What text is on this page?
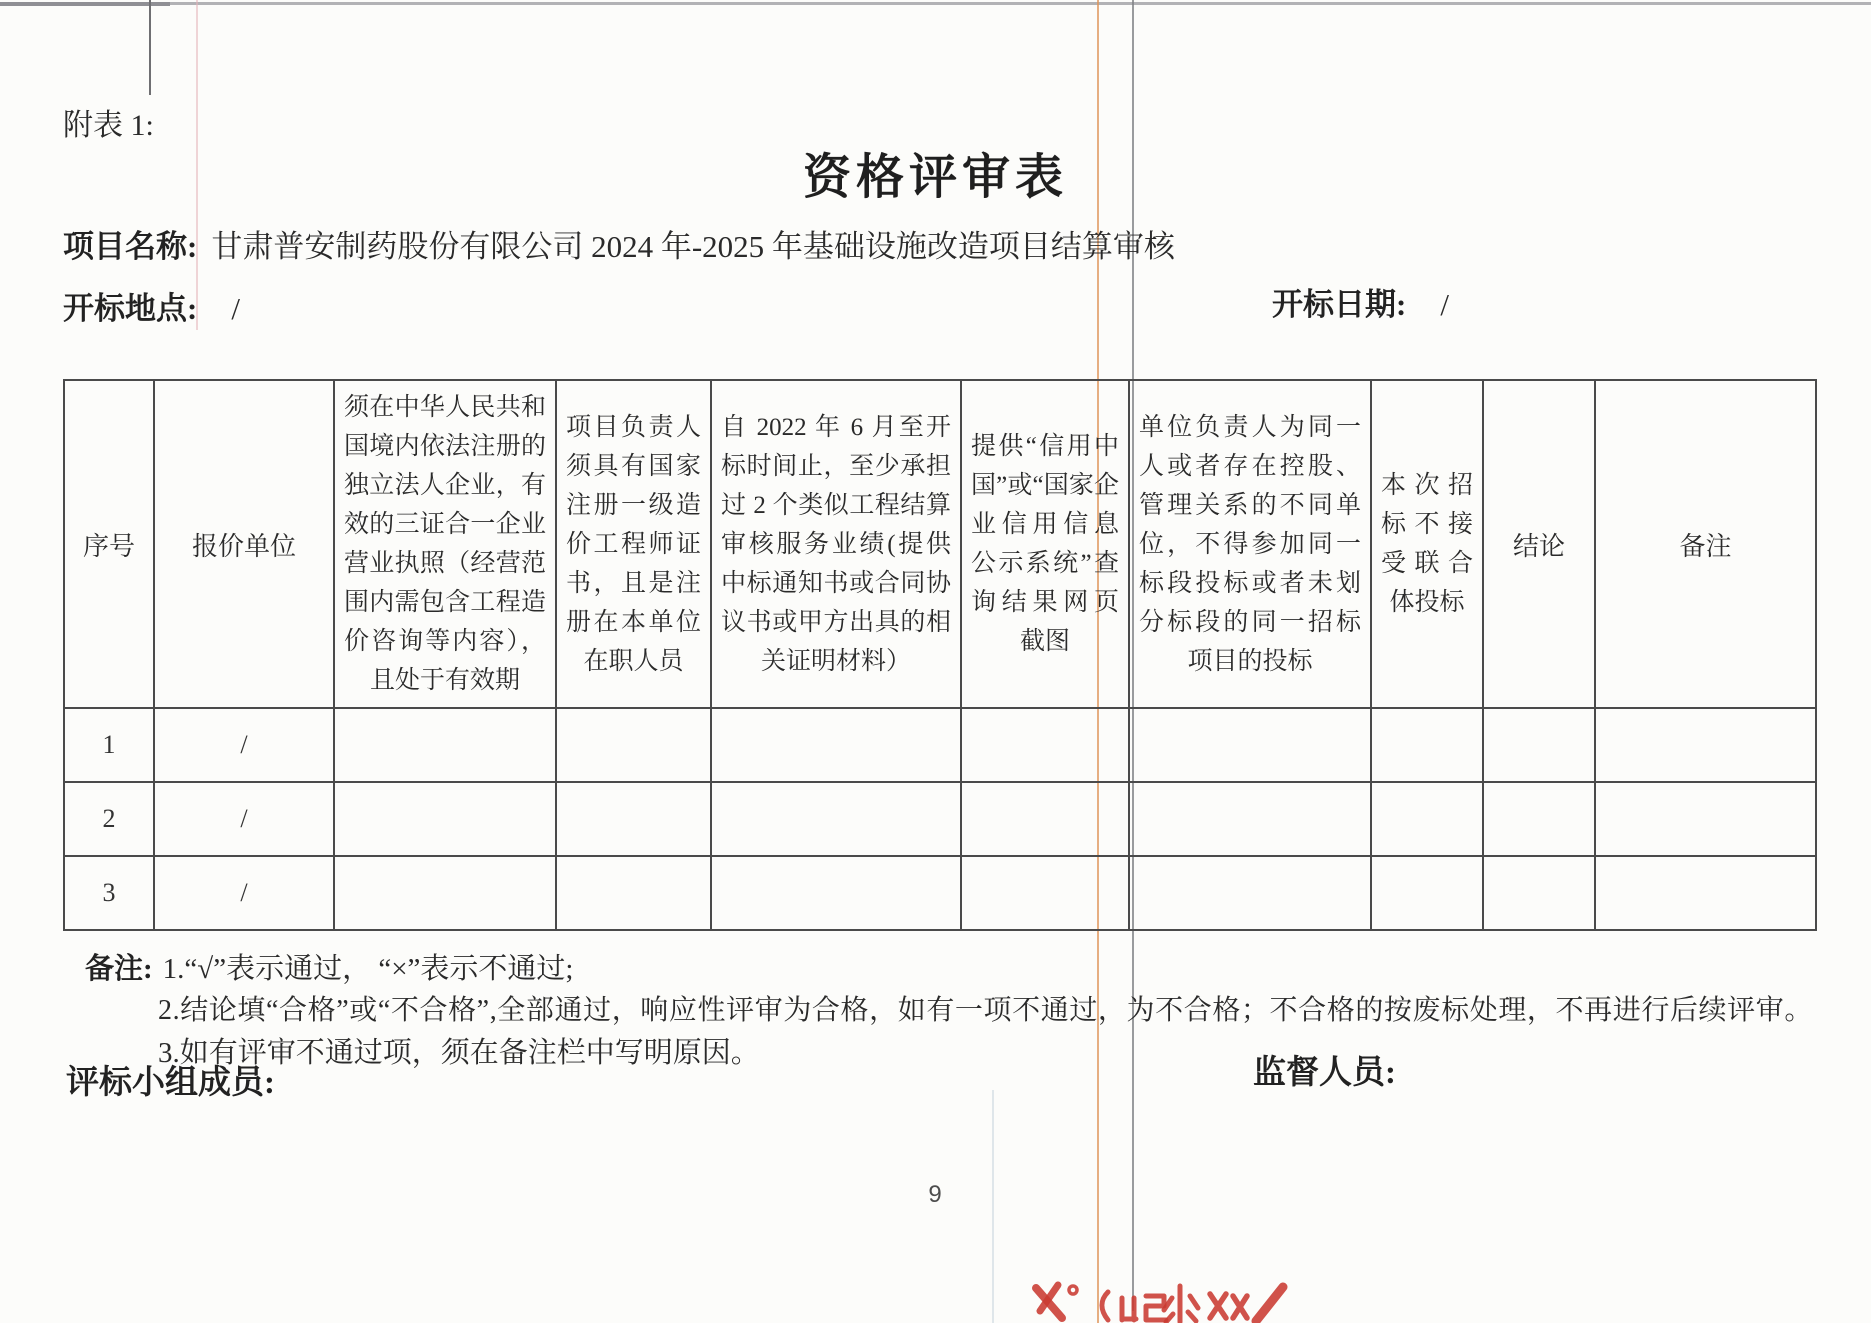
附表 1:
资格评审表
项目名称: 甘肃普安制药股份有限公司 2024 年-2025 年基础设施改造项目结算审核
开标地点: /	开标日期: /
序号	报价单位	须在中华人民共和国境内依法注册的独立法人企业，有效的三证合一企业营业执照（经营范围内需包含工程造价咨询等内容），且处于有效期	项目负责人须具有国家注册一级造价工程师证书，且是注册在本单位在职人员	自 2022 年 6 月至开标时间止，至少承担过 2 个类似工程结算审核服务业绩(提供中标通知书或合同协议书或甲方出具的相关证明材料）	提供“信用中国”或“国家企业信用信息公示系统”查询结果网页截图	单位负责人为同一人或者存在控股、管理关系的不同单位，不得参加同一标段投标或者未划分标段的同一招标项目的投标	本次招标不接受联合体投标	结论	备注
1	/								
2	/								
3	/								
备注: 1.“√”表示通过， “×”表示不通过;
2.结论填“合格”或“不合格”,全部通过，响应性评审为合格，如有一项不通过，为不合格；不合格的按废标处理，不再进行后续评审。
3.如有评审不通过项，须在备注栏中写明原因。
评标小组成员:	监督人员:
9
